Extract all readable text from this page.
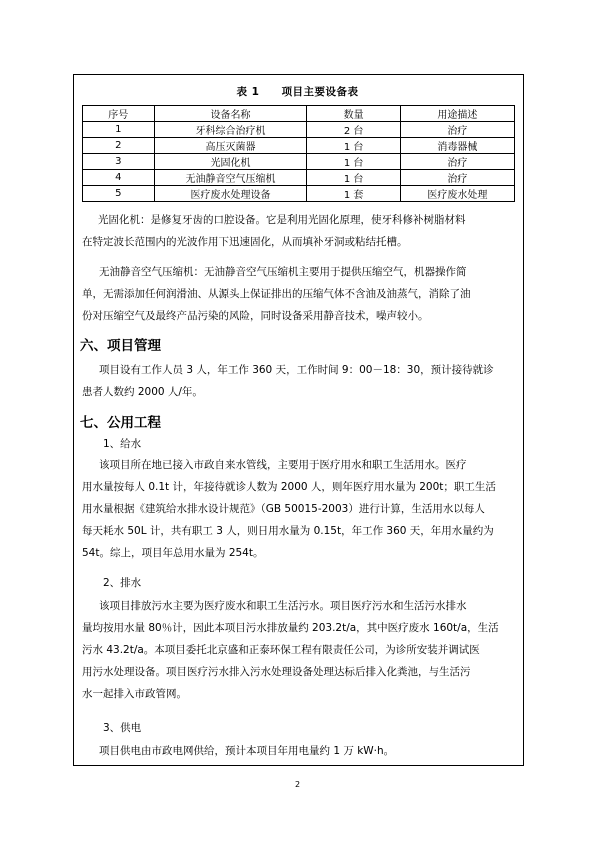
表 1 项目主要设备表
序号	设备名称	数量	用途描述
1	牙科综合治疗机	2 台	治疗
2	高压灭菌器	1 台	消毒器械
3	光固化机	1 台	治疗
4	无油静音空气压缩机	1 台	治疗
5	医疗废水处理设备	1 套	医疗废水处理
光固化机：是修复牙齿的口腔设备。它是利用光固化原理，使牙科修补树脂材料
在特定波长范围内的光波作用下迅速固化，从而填补牙洞或粘结托槽。
无油静音空气压缩机：无油静音空气压缩机主要用于提供压缩空气，机器操作简
单，无需添加任何润滑油、从源头上保证排出的压缩气体不含油及油蒸气，消除了油
份对压缩空气及最终产品污染的风险，同时设备采用静音技术，噪声较小。
六、项目管理
项目设有工作人员 3 人，年工作 360 天，工作时间 9：00－18：30，预计接待就诊
患者人数约 2000 人/年。
七、公用工程
1、给水
该项目所在地已接入市政自来水管线，主要用于医疗用水和职工生活用水。医疗
用水量按每人 0.1t 计，年接待就诊人数为 2000 人，则年医疗用水量为 200t；职工生活
用水量根据《建筑给水排水设计规范》（GB 50015-2003）进行计算，生活用水以每人
每天耗水 50L 计，共有职工 3 人，则日用水量为 0.15t，年工作 360 天，年用水量约为
54t。综上，项目年总用水量为 254t。
2、排水
该项目排放污水主要为医疗废水和职工生活污水。项目医疗污水和生活污水排水
量均按用水量 80％计，因此本项目污水排放量约 203.2t/a，其中医疗废水 160t/a，生活
污水 43.2t/a。本项目委托北京盛和正泰环保工程有限责任公司，为诊所安装并调试医
用污水处理设备。项目医疗污水排入污水处理设备处理达标后排入化粪池，与生活污
水一起排入市政管网。
3、供电
项目供电由市政电网供给，预计本项目年用电量约 1 万 kW·h。
2
